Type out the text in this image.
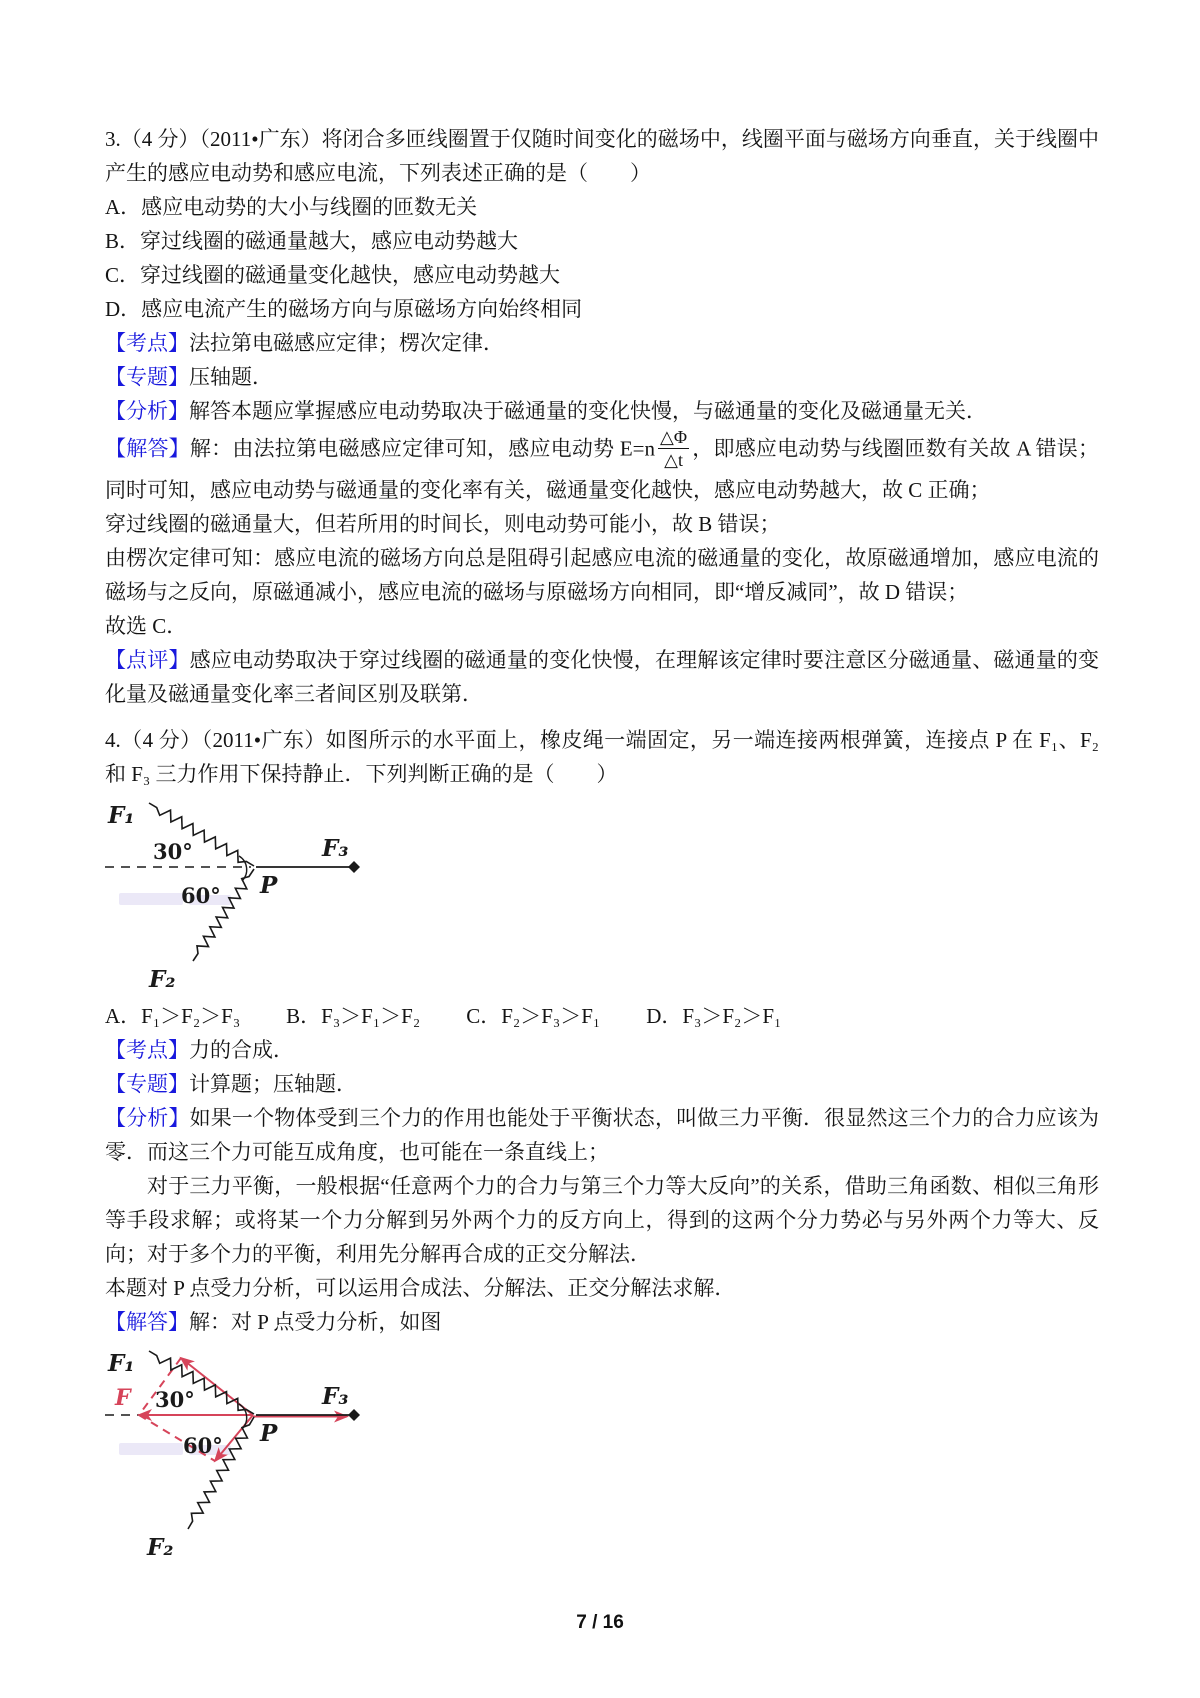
3.（4 分）（2011•广东）将闭合多匝线圈置于仅随时间变化的磁场中，线圈平面与磁场方向垂直，关于线圈中产生的感应电动势和感应电流，下列表述正确的是（　　）

A．感应电动势的大小与线圈的匝数无关
B．穿过线圈的磁通量越大，感应电动势越大
C．穿过线圈的磁通量变化越快，感应电动势越大
D．感应电流产生的磁场方向与原磁场方向始终相同
【考点】法拉第电磁感应定律；楞次定律．
【专题】压轴题．
【分析】解答本题应掌握感应电动势取决于磁通量的变化快慢，与磁通量的变化及磁通量无关．
【解答】解：由法拉第电磁感应定律可知，感应电动势 $E=n \frac{\triangle\Phi}{\triangle t}$ ，即感应电动势与线圈匝数有关故 A 错误；同时可知，感应电动势与磁通量的变化率有关，磁通量变化越快，感应电动势越大，故 C 正确；
穿过线圈的磁通量大，但若所用的时间长，则电动势可能小，故 B 错误；
由楞次定律可知：感应电流的磁场方向总是阻碍引起感应电流的磁通量的变化，故原磁通增加，感应电流的磁场与之反向，原磁通减小，感应电流的磁场与原磁场方向相同，即“增反减同”，故 D 错误；
故选 C．
【点评】感应电动势取决于穿过线圈的磁通量的变化快慢，在理解该定律时要注意区分磁通量、磁通量的变化量及磁通量变化率三者间区别及联第．

4.（4 分）（2011•广东）如图所示的水平面上，橡皮绳一端固定，另一端连接两根弹簧，连接点 P 在 F₁、F₂ 和 F₃ 三力作用下保持静止．下列判断正确的是（　　）

F₁
30°
60° P
F₃
F₂
A．F₁＞F₂＞F₃ B．F₃＞F₁＞F₂ C．F₂＞F₃＞F₁ D．F₃＞F₂＞F₁
【考点】力的合成．
【专题】计算题；压轴题．
【分析】如果一个物体受到三个力的作用也能处于平衡状态，叫做三力平衡．很显然这三个力的合力应该为零．而这三个力可能互成角度，也可能在一条直线上；
对于三力平衡，一般根据“任意两个力的合力与第三个力等大反向”的关系，借助三角函数、相似三角形等手段求解；或将某一个力分解到另外两个力的反方向上，得到的这两个分力势必与另外两个力等大、反向；对于多个力的平衡，利用先分解再合成的正交分解法．
本题对 P 点受力分析，可以运用合成法、分解法、正交分解法求解．
【解答】解：对 P 点受力分析，如图
F₁
F 30°
60° P
F₃
F₂
7 / 16
